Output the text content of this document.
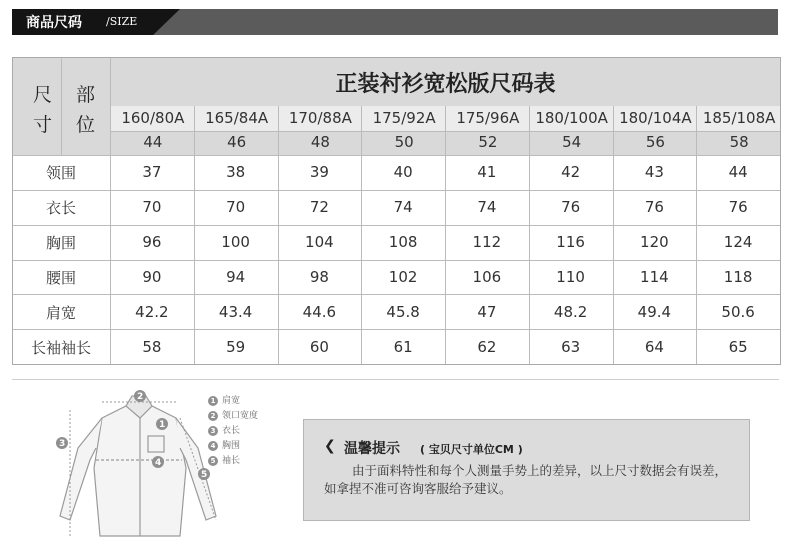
商品尺码 /SIZE
尺 部
寸 位
正装衬衫宽松版尺码表
160/80A	165/84A	170/88A	175/92A	175/96A	180/100A 180/104A 185/108A
44	46	48	50	52	54	56	58
领围	37	38	39	40	41	42	43	44
衣长	70	70	72	74	74	76	76	76
胸围	96	100	104	108	112	116	120	124
腰围	90	94	98	102	106	110	114	118
肩宽	42.2	43.4	44.6	45.8	47	48.2	49.4	50.6
长袖袖长	58	59	60	61	62	63	64	65
2
1
3
4
5
1 肩宽
2 领口宽度
3 衣长
4 胸围
5 袖长
❮ 温馨提示 ( 宝贝尺寸单位CM )
由于面料特性和每个人测量手势上的差异，以上尺寸数据会有误差，如拿捏不准可咨询客服给予建议。
